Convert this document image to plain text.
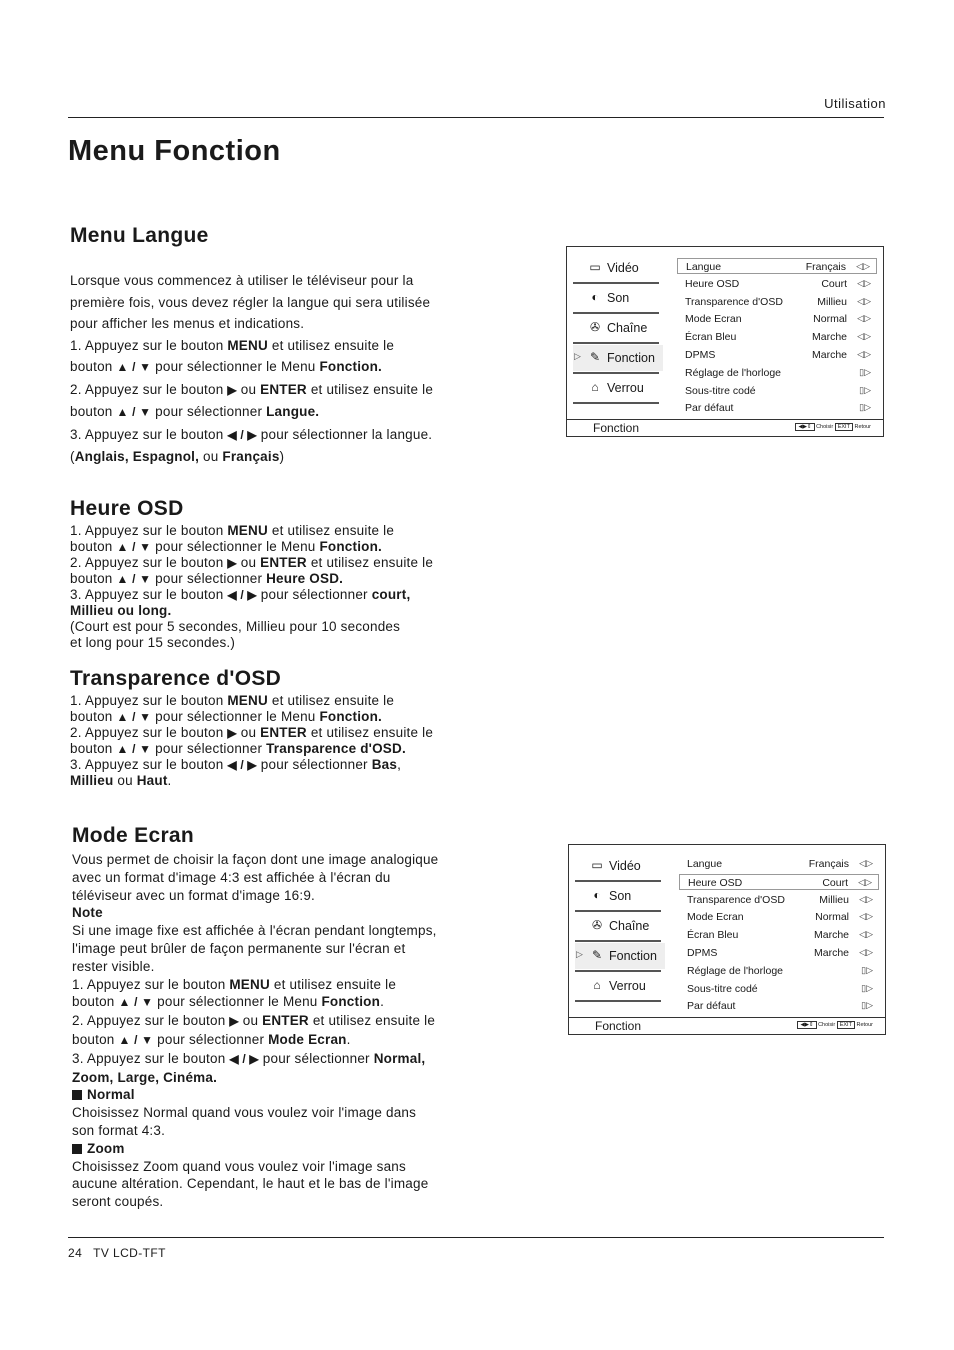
Utilisation
Menu Fonction
Menu Langue
Lorsque vous commencez à utiliser le téléviseur pour la
première fois, vous devez régler la langue qui sera utilisée
pour afficher les menus et indications.
1. Appuyez sur le bouton MENU et utilisez ensuite le
bouton ▲ / ▼ pour sélectionner le Menu Fonction.
2. Appuyez sur le bouton ▶ ou ENTER et utilisez ensuite le
bouton ▲ / ▼ pour sélectionner Langue.
3. Appuyez sur le bouton ◀ / ▶ pour sélectionner la langue.
(Anglais, Espagnol, ou Français)
Heure OSD
1. Appuyez sur le bouton MENU et utilisez ensuite le
bouton ▲ / ▼ pour sélectionner le Menu Fonction.
2. Appuyez sur le bouton ▶ ou ENTER et utilisez ensuite le
bouton ▲ / ▼ pour sélectionner Heure OSD.
3. Appuyez sur le bouton ◀ / ▶ pour sélectionner court,
Millieu ou long.
(Court est pour 5 secondes, Millieu pour 10 secondes
et long pour 15 secondes.)
Transparence d'OSD
1. Appuyez sur le bouton MENU et utilisez ensuite le
bouton ▲ / ▼ pour sélectionner le Menu Fonction.
2. Appuyez sur le bouton ▶ ou ENTER et utilisez ensuite le
bouton ▲ / ▼ pour sélectionner Transparence d'OSD.
3. Appuyez sur le bouton ◀ / ▶ pour sélectionner Bas,
Millieu ou Haut.
Mode Ecran
Vous permet de choisir la façon dont une image analogique
avec un format d'image 4:3 est affichée à l'écran du
téléviseur avec un format d'image 16:9.
Note
Si une image fixe est affichée à l'écran pendant longtemps,
l'image peut brûler de façon permanente sur l'écran et
rester visible.
1. Appuyez sur le bouton MENU et utilisez ensuite le
bouton ▲ / ▼ pour sélectionner le Menu Fonction.
2. Appuyez sur le bouton ▶ ou ENTER et utilisez ensuite le
bouton ▲ / ▼ pour sélectionner Mode Ecran.
3. Appuyez sur le bouton ◀ / ▶ pour sélectionner Normal,
Zoom, Large, Cinéma.
Normal
Choisissez Normal quand vous voulez voir l'image dans
son format 4:3.
Zoom
Choisissez Zoom quand vous voulez voir l'image sans
aucune altération. Cependant, le haut et le bas de l'image
seront coupés.
▭ Vidéo
◐ Son
✇ Chaîne
▷ ✎ Fonction
⌂ Verrou
Langue	Français ◁▷
Heure OSD	Court ◁▷
Transparence d'OSD	Millieu ◁▷
Mode Ecran	Normal ◁▷
Écran Bleu	Marche ◁▷
DPMS	Marche ◁▷
Réglage de l'horloge	▯▷
Sous-titre codé	▯▷
Par défaut	▯▷
Fonction	◀▶⇕ Choisir EXIT Retour
▭ Vidéo
◐ Son
✇ Chaîne
▷ ✎ Fonction
⌂ Verrou
Langue	Français ◁▷
Heure OSD	Court ◁▷
Transparence d'OSD	Millieu ◁▷
Mode Ecran	Normal ◁▷
Écran Bleu	Marche ◁▷
DPMS	Marche ◁▷
Réglage de l'horloge	▯▷
Sous-titre codé	▯▷
Par défaut	▯▷
Fonction	◀▶⇕ Choisir EXIT Retour
24 TV LCD-TFT
